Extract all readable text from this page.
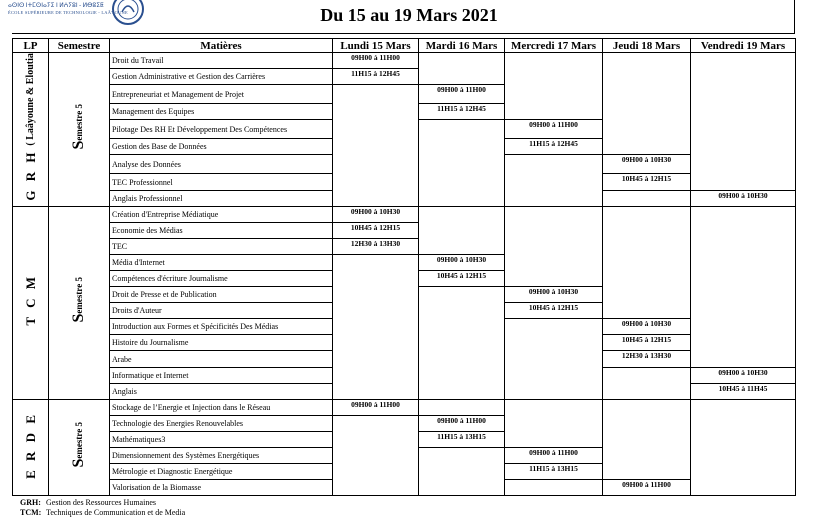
ⴰⵙⵏⵙ ⵏⵜⵎⵙⵏⴰⵢⵉ ⵏ ⵍⵄⵢⵓⵏ - ⵍⴱⵓⵉⵟ
ÉCOLE SUPÉRIEURE DE TECHNOLOGIE - LAÂYOUNE	Du 15 au 19 Mars 2021
LP	Semestre	Matières	Lundi 15 Mars	Mardi 16 Mars	Mercredi 17 Mars	Jeudi 18 Mars	Vendredi 19 Mars
G R H( Laâyoune & Eloutia	Semestre 5	Droit du Travail	09H00 à 11H00				
		Gestion Administrative et Gestion des Carrières	11H15 à 12H45				
		Entrepreneuriat et Management de Projet		09H00 à 11H00			
		Management des Equipes		11H15 à 12H45			
		Pilotage Des RH Et Développement Des Compétences			09H00 à 11H00		
		Gestion des Base de Données			11H15 à 12H45		
		Analyse des Données				09H00 à 10H30	
		TEC Professionnel				10H45 à 12H15	
		Anglais Professionnel					09H00 à 10H30
T C M	Semestre 5	Création d'Entreprise Médiatique	09H00 à 10H30				
		Economie des Médias	10H45 à 12H15				
		TEC	12H30 à 13H30				
		Média d'Internet		09H00 à 10H30			
		Compétences d'écriture Journalisme		10H45 à 12H15			
		Droit de Presse et de Publication			09H00 à 10H30		
		Droits d'Auteur			10H45 à 12H15		
		Introduction aux Formes et Spécificités Des Médias				09H00 à 10H30	
		Histoire du Journalisme				10H45 à 12H15	
		Arabe				12H30 à 13H30	
		Informatique et Internet					09H00 à 10H30
		Anglais					10H45 à 11H45
E R D E	Semestre 5	Stockage de l’Energie et Injection dans le Réseau	09H00 à 11H00				
		Technologie des Energies Renouvelables		09H00 à 11H00			
		Mathématiques3		11H15 à 13H15			
		Dimensionnement des Systèmes Energétiques			09H00 à 11H00		
		Métrologie et Diagnostic Energétique			11H15 à 13H15		
		Valorisation de la Biomasse				09H00 à 11H00	
GRH: Gestion des Ressources Humaines
TCM: Techniques de Communication et de Media
